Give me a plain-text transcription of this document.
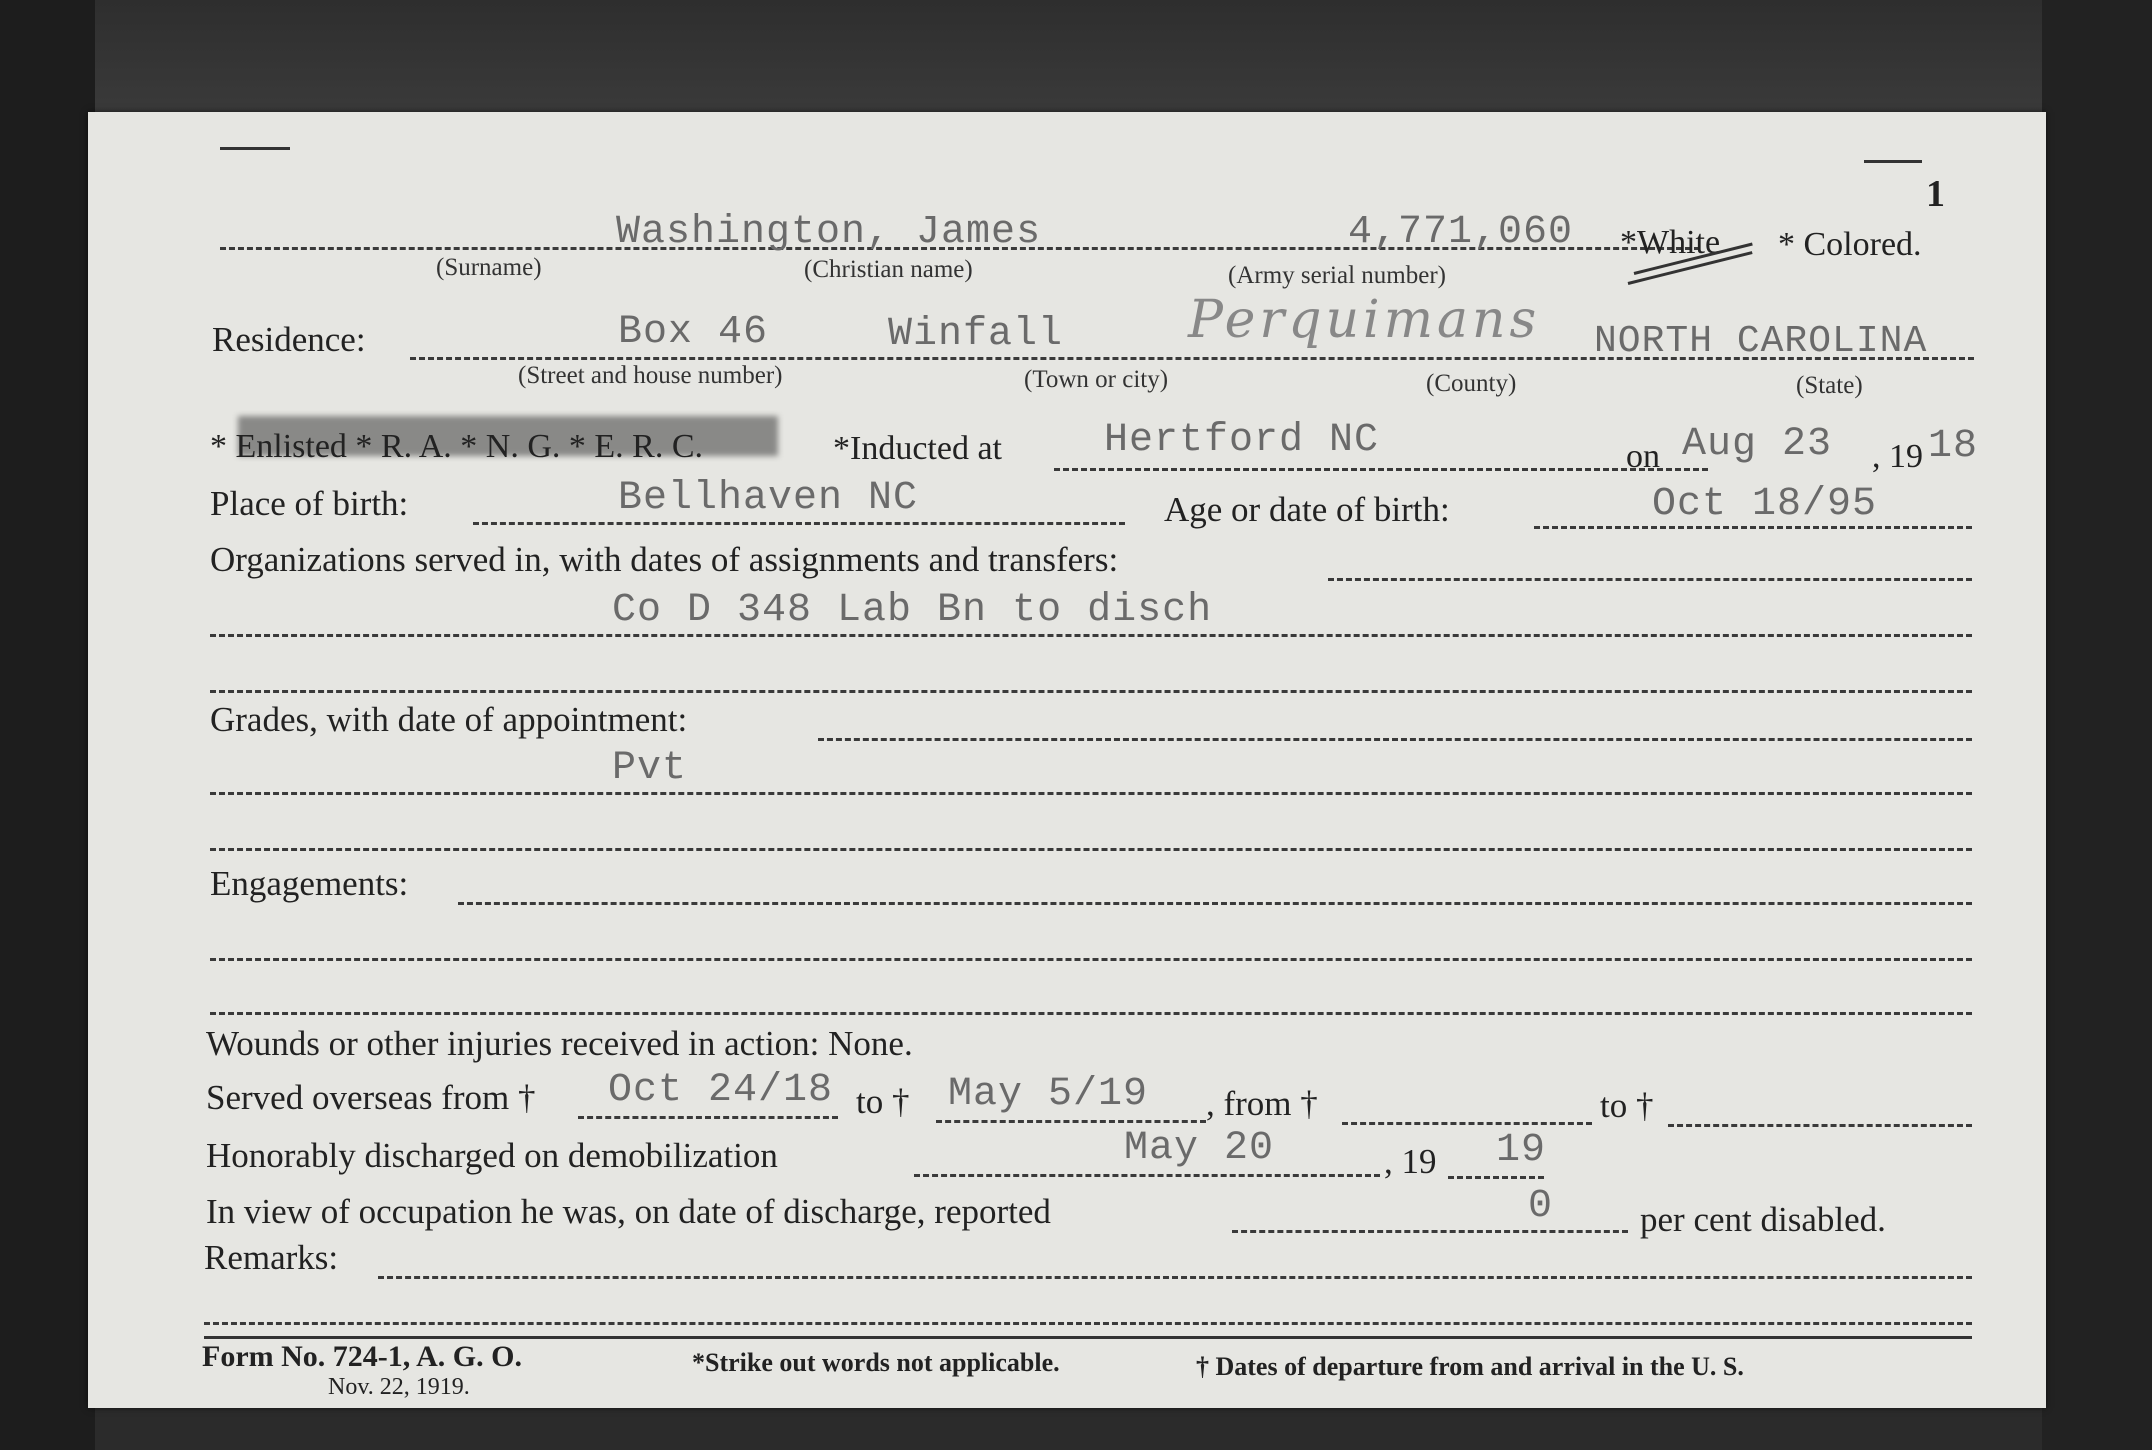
1
Washington, James	4,771,060 *White * Colored.
(Surname)	(Christian name)	(Army serial number)
Residence:	Box 46	Winfall Perquimans NORTH CAROLINA
(Street and house number)	(Town or city)	(County)	(State)
* Enlisted * R. A. * N. G. * E. R. C.	*Inducted at	Hertford NC	on Aug 23 , 19 18
Place of birth:	Bellhaven NC	Age or date of birth:	Oct 18/95
Organizations served in, with dates of assignments and transfers:
Co D 348 Lab Bn to disch
Grades, with date of appointment:
Pvt
Engagements:
Wounds or other injuries received in action: None.
Served overseas from † Oct 24/18 to † May 5/19 , from †	to †
Honorably discharged on demobilization	May 20	, 19 19
In view of occupation he was, on date of discharge, reported	0 per cent disabled.
Remarks:
Form No. 724-1, A. G. O.
Nov. 22, 1919.
*Strike out words not applicable.	† Dates of departure from and arrival in the U. S.
